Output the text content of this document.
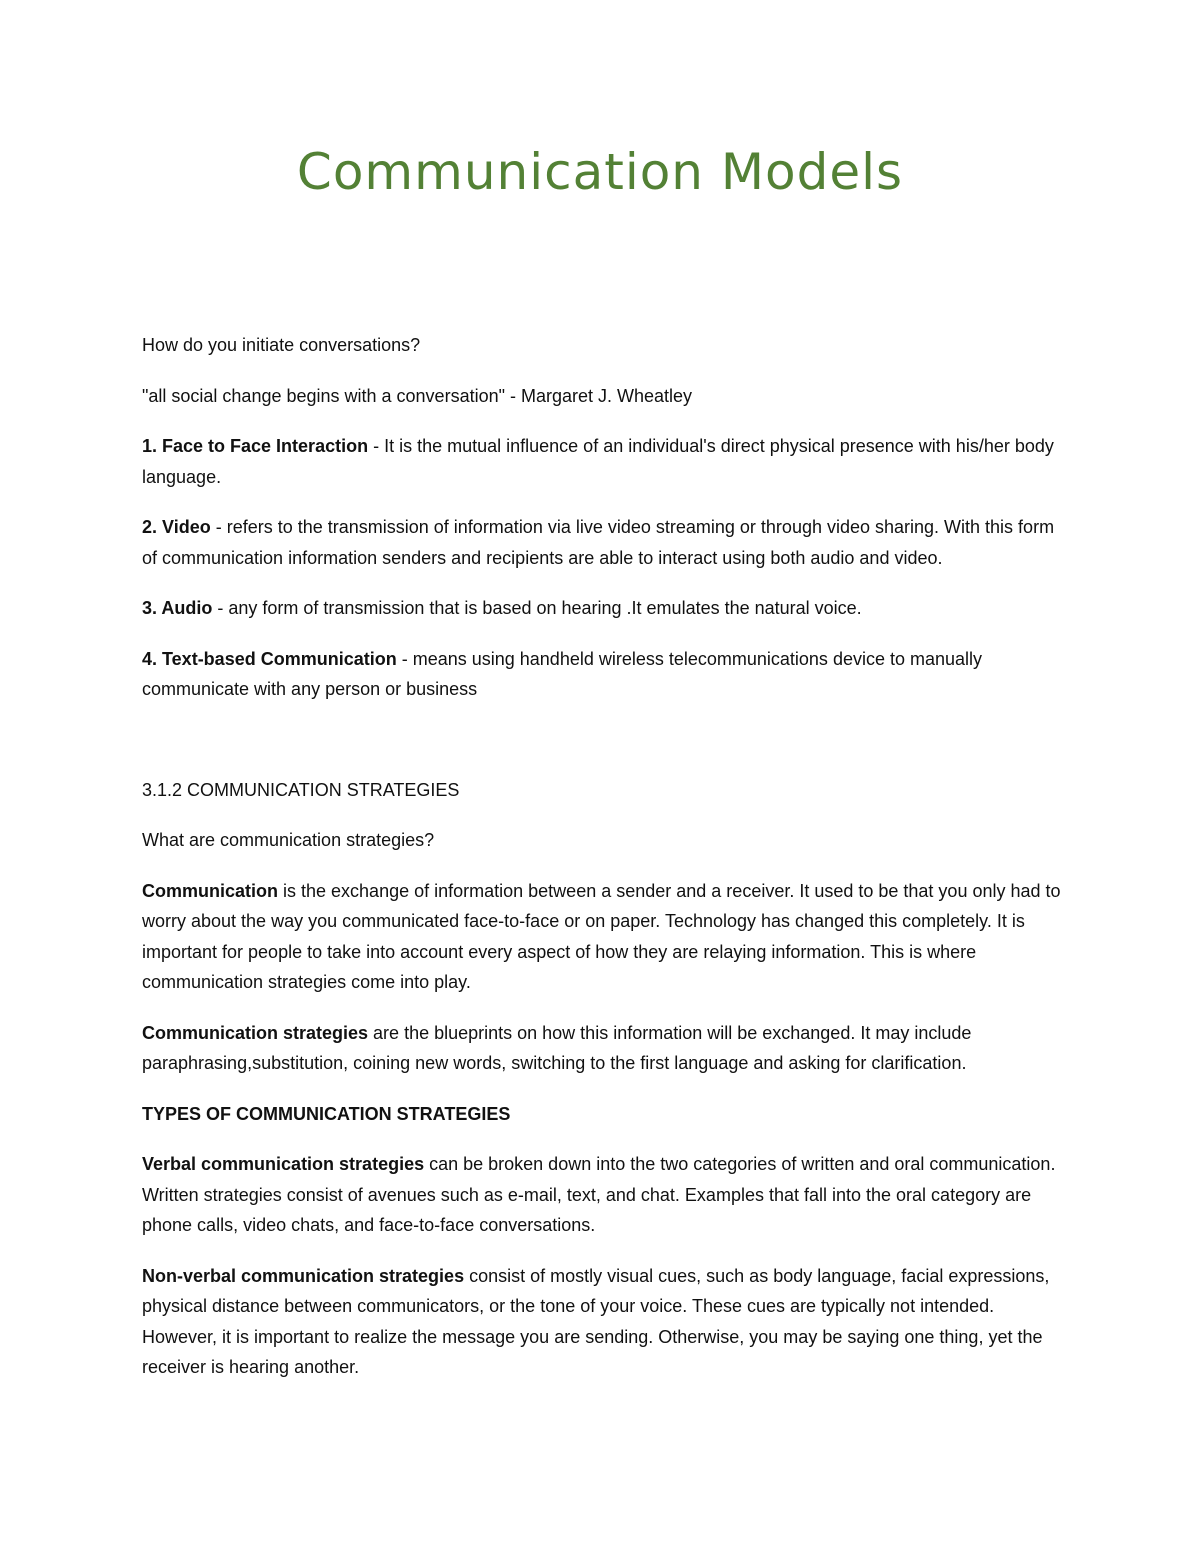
Communication Models

How do you initiate conversations?

"all social change begins with a conversation" - Margaret J. Wheatley

1. Face to Face Interaction - It is the mutual influence of an individual's direct physical presence with his/her body language.

2. Video - refers to the transmission of information via live video streaming or through video sharing. With this form of communication information senders and recipients are able to interact using both audio and video.

3. Audio - any form of transmission that is based on hearing .It emulates the natural voice.

4. Text-based Communication - means using handheld wireless telecommunications device to manually communicate with any person or business

3.1.2 COMMUNICATION STRATEGIES

What are communication strategies?

Communication is the exchange of information between a sender and a receiver. It used to be that you only had to worry about the way you communicated face-to-face or on paper. Technology has changed this completely. It is important for people to take into account every aspect of how they are relaying information. This is where communication strategies come into play.

Communication strategies are the blueprints on how this information will be exchanged. It may include paraphrasing,substitution, coining new words, switching to the first language and asking for clarification.

TYPES OF COMMUNICATION STRATEGIES

Verbal communication strategies can be broken down into the two categories of written and oral communication. Written strategies consist of avenues such as e-mail, text, and chat. Examples that fall into the oral category are phone calls, video chats, and face-to-face conversations.

Non-verbal communication strategies consist of mostly visual cues, such as body language, facial expressions, physical distance between communicators, or the tone of your voice. These cues are typically not intended. However, it is important to realize the message you are sending. Otherwise, you may be saying one thing, yet the receiver is hearing another.
